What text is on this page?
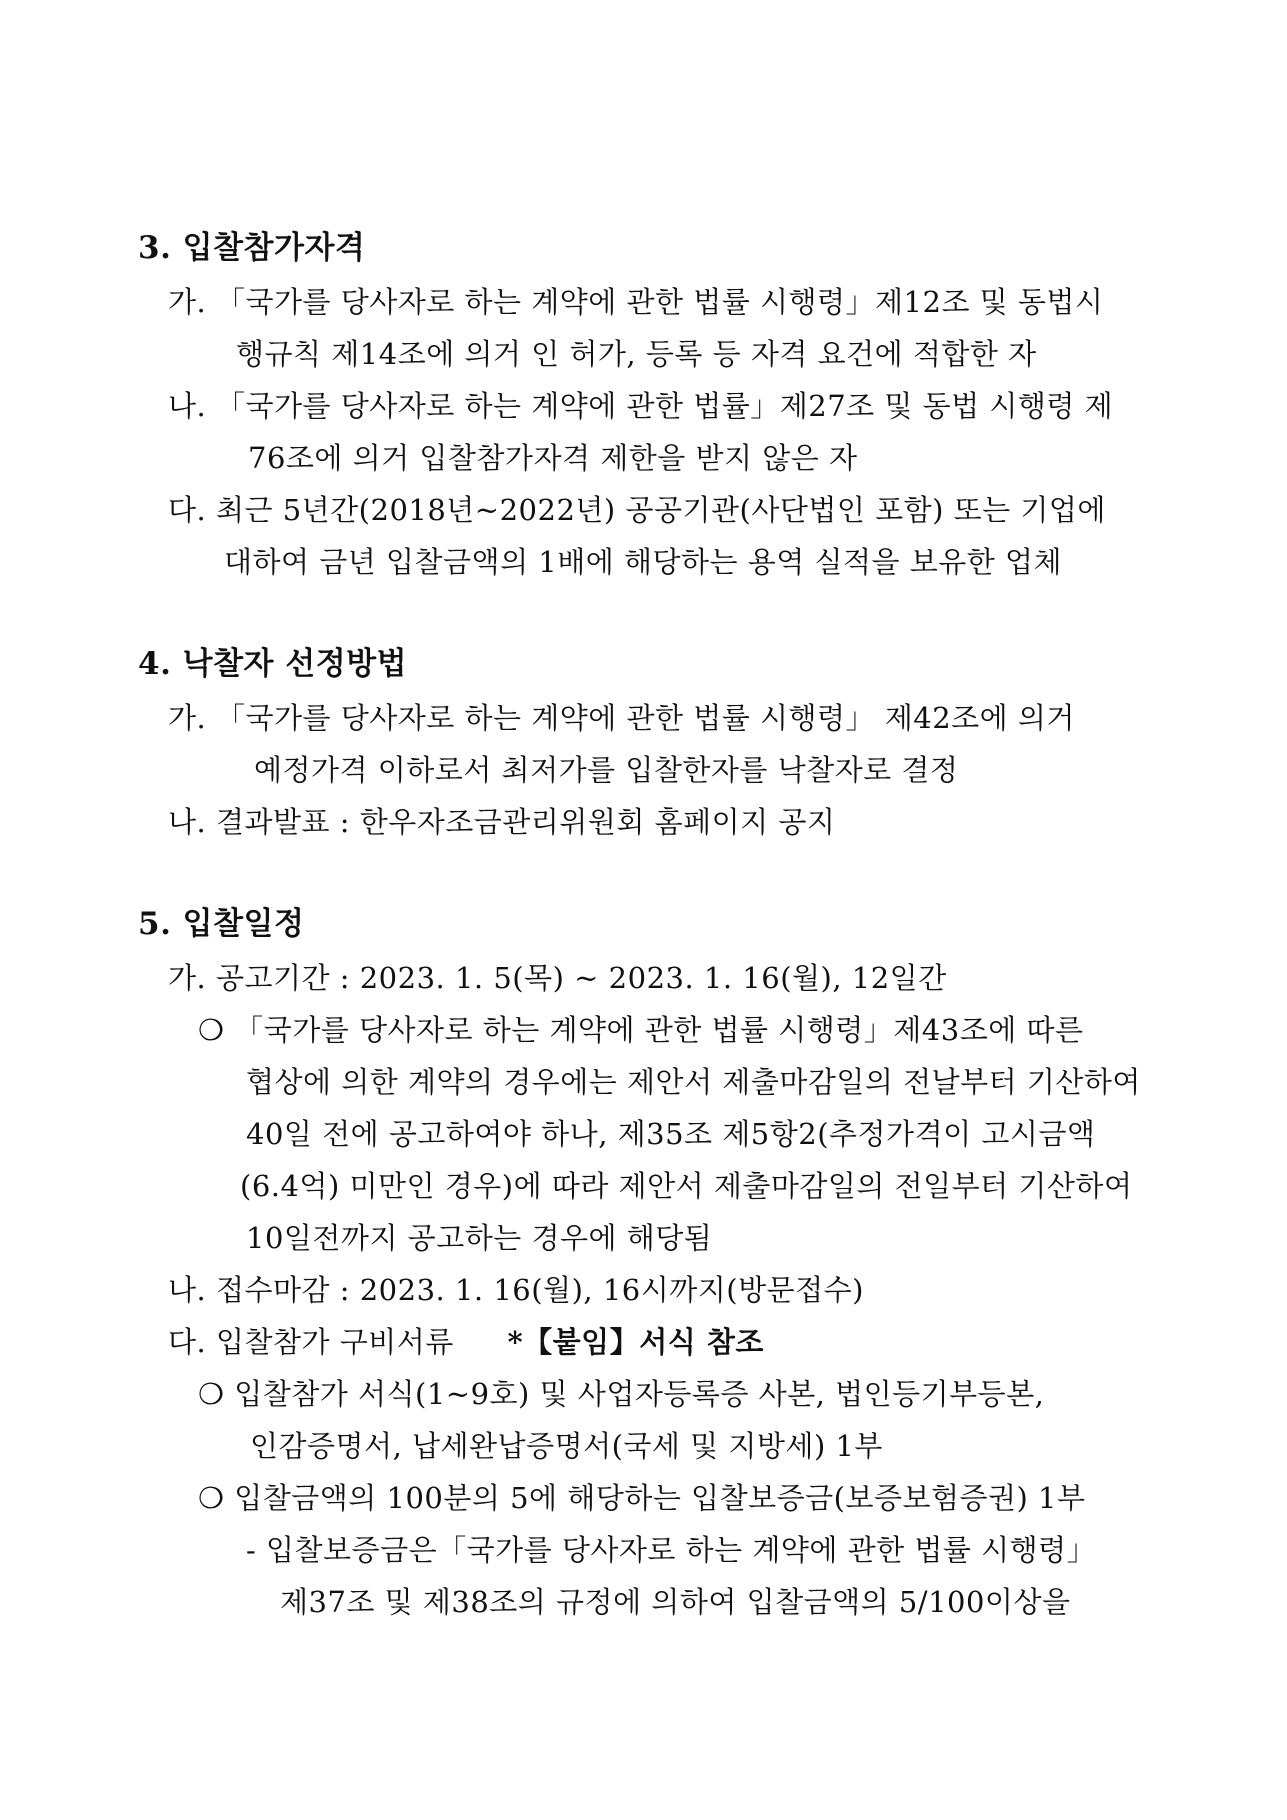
3. 입찰참가자격
가. 「국가를 당사자로 하는 계약에 관한 법률 시행령」제12조 및 동법시
행규칙 제14조에 의거 인 허가, 등록 등 자격 요건에 적합한 자
나. 「국가를 당사자로 하는 계약에 관한 법률」제27조 및 동법 시행령 제
76조에 의거 입찰참가자격 제한을 받지 않은 자
다. 최근 5년간(2018년~2022년) 공공기관(사단법인 포함) 또는 기업에
대하여 금년 입찰금액의 1배에 해당하는 용역 실적을 보유한 업체
4. 낙찰자 선정방법
가. 「국가를 당사자로 하는 계약에 관한 법률 시행령」 제42조에 의거
예정가격 이하로서 최저가를 입찰한자를 낙찰자로 결정
나. 결과발표 : 한우자조금관리위원회 홈페이지 공지
5. 입찰일정
가. 공고기간 : 2023. 1. 5(목) ~ 2023. 1. 16(월), 12일간
❍ 「국가를 당사자로 하는 계약에 관한 법률 시행령」제43조에 따른
협상에 의한 계약의 경우에는 제안서 제출마감일의 전날부터 기산하여
40일 전에 공고하여야 하나, 제35조 제5항2(추정가격이 고시금액
(6.4억) 미만인 경우)에 따라 제안서 제출마감일의 전일부터 기산하여
10일전까지 공고하는 경우에 해당됨
나. 접수마감 : 2023. 1. 16(월), 16시까지(방문접수)
다. 입찰참가 구비서류 *【붙임】서식 참조
❍ 입찰참가 서식(1~9호) 및 사업자등록증 사본, 법인등기부등본,
인감증명서, 납세완납증명서(국세 및 지방세) 1부
❍ 입찰금액의 100분의 5에 해당하는 입찰보증금(보증보험증권) 1부
- 입찰보증금은「국가를 당사자로 하는 계약에 관한 법률 시행령」
제37조 및 제38조의 규정에 의하여 입찰금액의 5/100이상을
